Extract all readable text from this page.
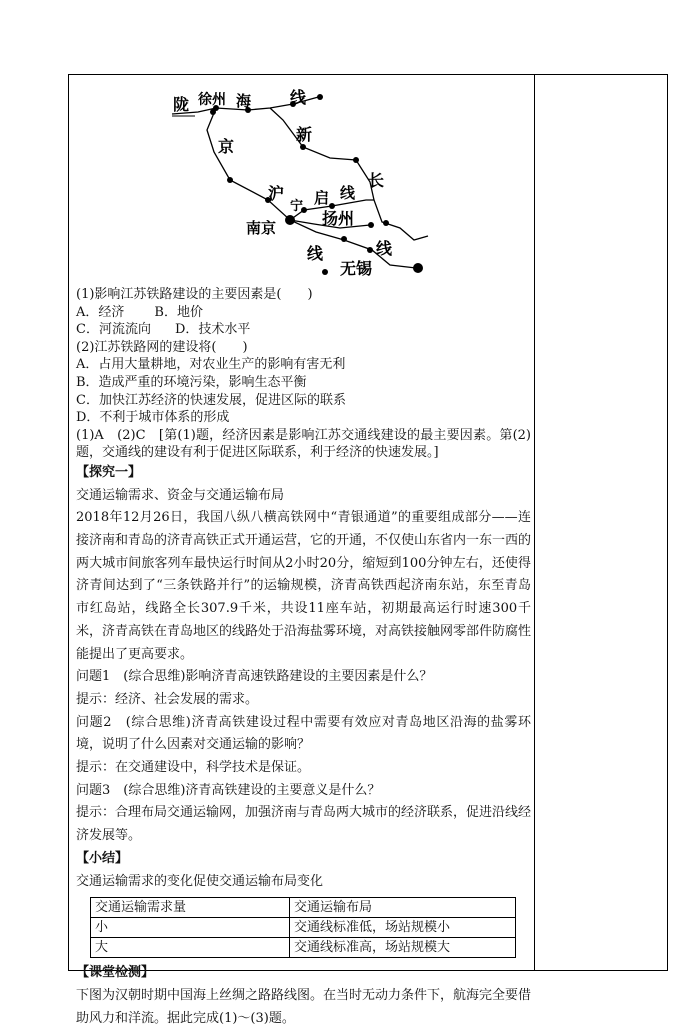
陇 徐州 海 线
新
京
长
沪
宁 启 线
扬州
南京
线	线
无锡

(1)影响江苏铁路建设的主要因素是(　　)

A．经济 B．地价

C．河流流向 D．技术水平

(2)江苏铁路网的建设将(　　)

A．占用大量耕地，对农业生产的影响有害无利

B．造成严重的环境污染，影响生态平衡

C．加快江苏经济的快速发展，促进区际的联系

D．不利于城市体系的形成

(1)A　(2)C　[第(1)题，经济因素是影响江苏交通线建设的最主要因素。第(2)题，交通线的建设有利于促进区际联系，利于经济的快速发展。]

【探究一】

交通运输需求、资金与交通运输布局

2018年12月26日，我国八纵八横高铁网中“青银通道”的重要组成部分——连接济南和青岛的济青高铁正式开通运营，它的开通，不仅使山东省内一东一西的两大城市间旅客列车最快运行时间从2小时20分，缩短到100分钟左右，还使得济青间达到了“三条铁路并行”的运输规模，济青高铁西起济南东站，东至青岛市红岛站，线路全长307.9千米，共设11座车站，初期最高运行时速300千米，济青高铁在青岛地区的线路处于沿海盐雾环境，对高铁接触网零部件防腐性能提出了更高要求。

问题1　(综合思维)影响济青高速铁路建设的主要因素是什么？

提示：经济、社会发展的需求。

问题2　(综合思维)济青高铁建设过程中需要有效应对青岛地区沿海的盐雾环境，说明了什么因素对交通运输的影响？

提示：在交通建设中，科学技术是保证。

问题3　(综合思维)济青高铁建设的主要意义是什么？

提示：合理布局交通运输网，加强济南与青岛两大城市的经济联系，促进沿线经济发展等。

【小结】

交通运输需求的变化促使交通运输布局变化

交通运输需求量	交通运输布局
小	交通线标准低，场站规模小
大	交通线标准高，场站规模大

【课堂检测】

下图为汉朝时期中国海上丝绸之路路线图。在当时无动力条件下，航海完全要借助风力和洋流。据此完成(1)～(3)题。
